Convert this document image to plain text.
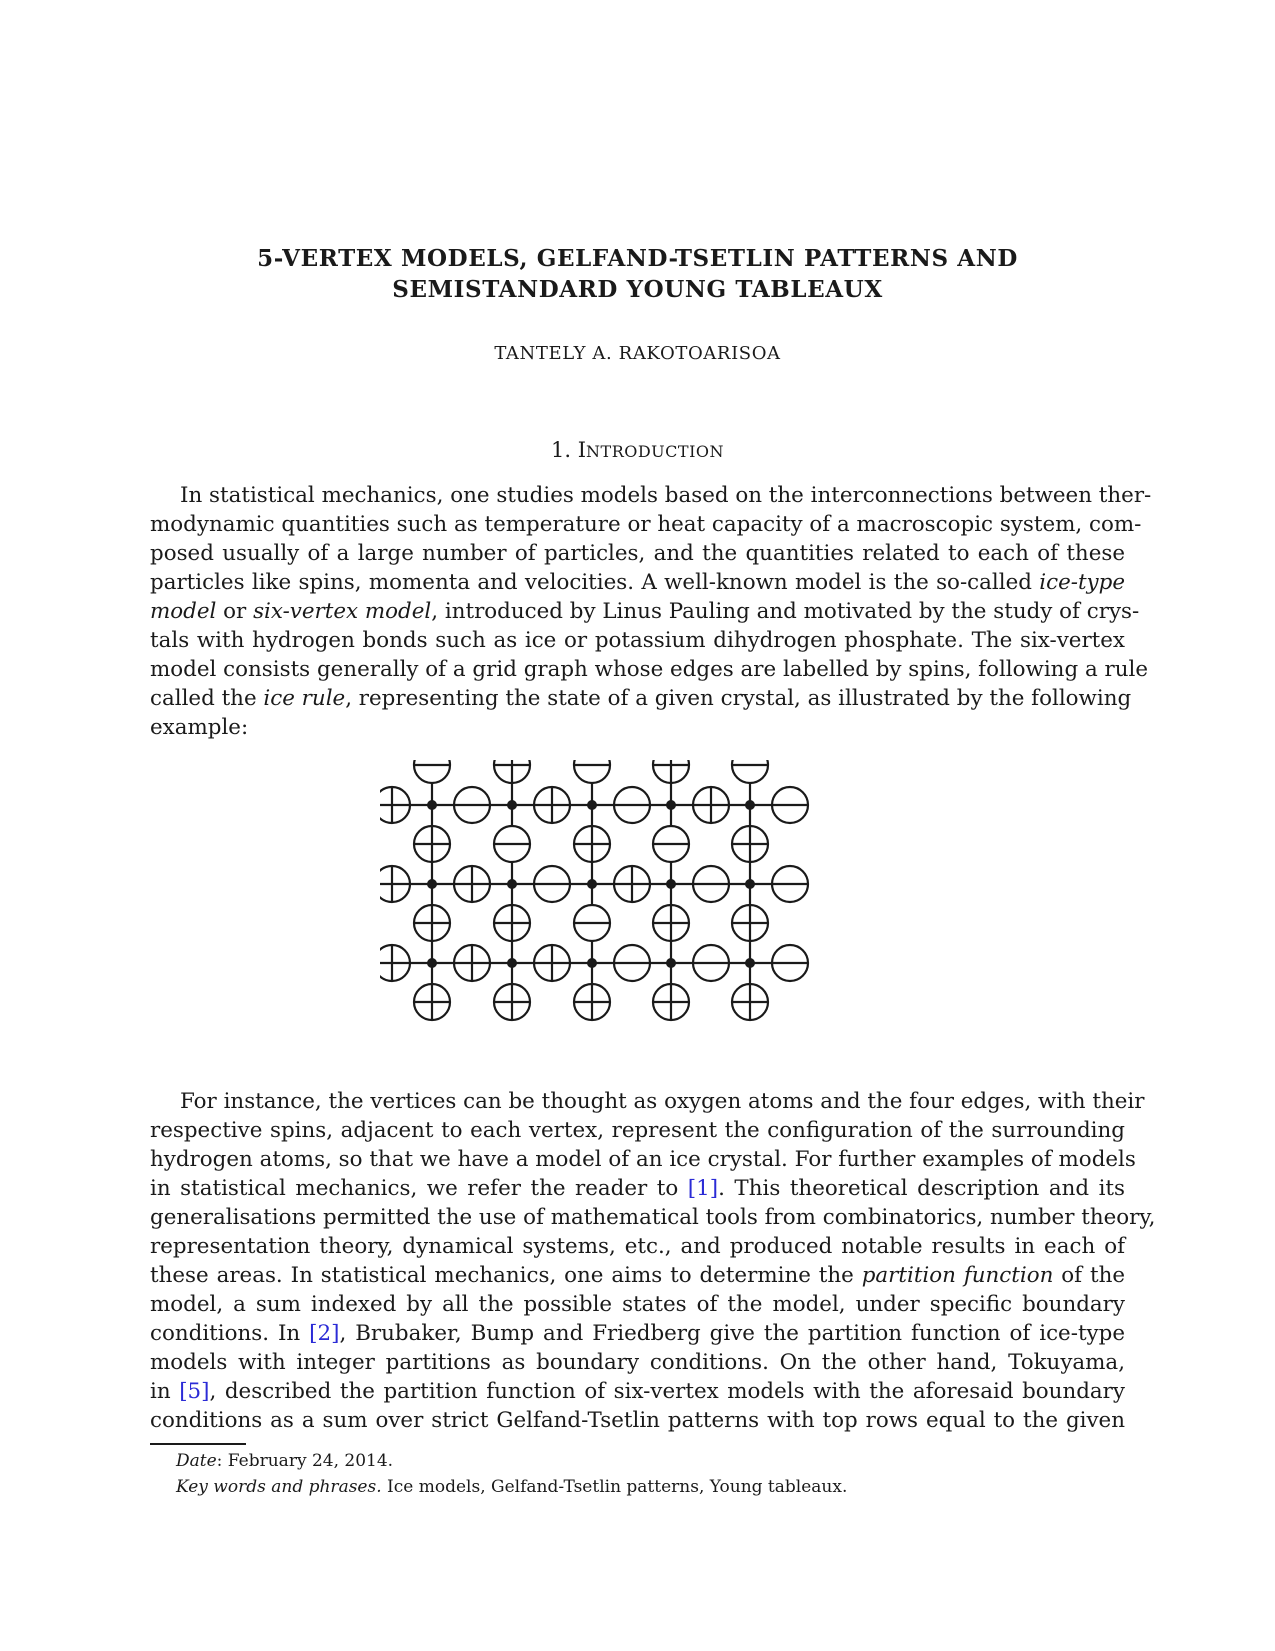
5-VERTEX MODELS, GELFAND-TSETLIN PATTERNS AND
SEMISTANDARD YOUNG TABLEAUX
TANTELY A. RAKOTOARISOA
1. INTRODUCTION
In statistical mechanics, one studies models based on the interconnections between ther-
modynamic quantities such as temperature or heat capacity of a macroscopic system, com-
posed usually of a large number of particles, and the quantities related to each of these
particles like spins, momenta and velocities. A well-known model is the so-called ice-type
model or six-vertex model, introduced by Linus Pauling and motivated by the study of crys-
tals with hydrogen bonds such as ice or potassium dihydrogen phosphate. The six-vertex
model consists generally of a grid graph whose edges are labelled by spins, following a rule
called the ice rule, representing the state of a given crystal, as illustrated by the following
example:
For instance, the vertices can be thought as oxygen atoms and the four edges, with their
respective spins, adjacent to each vertex, represent the configuration of the surrounding
hydrogen atoms, so that we have a model of an ice crystal. For further examples of models
in statistical mechanics, we refer the reader to [1]. This theoretical description and its
generalisations permitted the use of mathematical tools from combinatorics, number theory,
representation theory, dynamical systems, etc., and produced notable results in each of
these areas. In statistical mechanics, one aims to determine the partition function of the
model, a sum indexed by all the possible states of the model, under specific boundary
conditions. In [2], Brubaker, Bump and Friedberg give the partition function of ice-type
models with integer partitions as boundary conditions. On the other hand, Tokuyama,
in [5], described the partition function of six-vertex models with the aforesaid boundary
conditions as a sum over strict Gelfand-Tsetlin patterns with top rows equal to the given
Date: February 24, 2014.
Key words and phrases. Ice models, Gelfand-Tsetlin patterns, Young tableaux.
